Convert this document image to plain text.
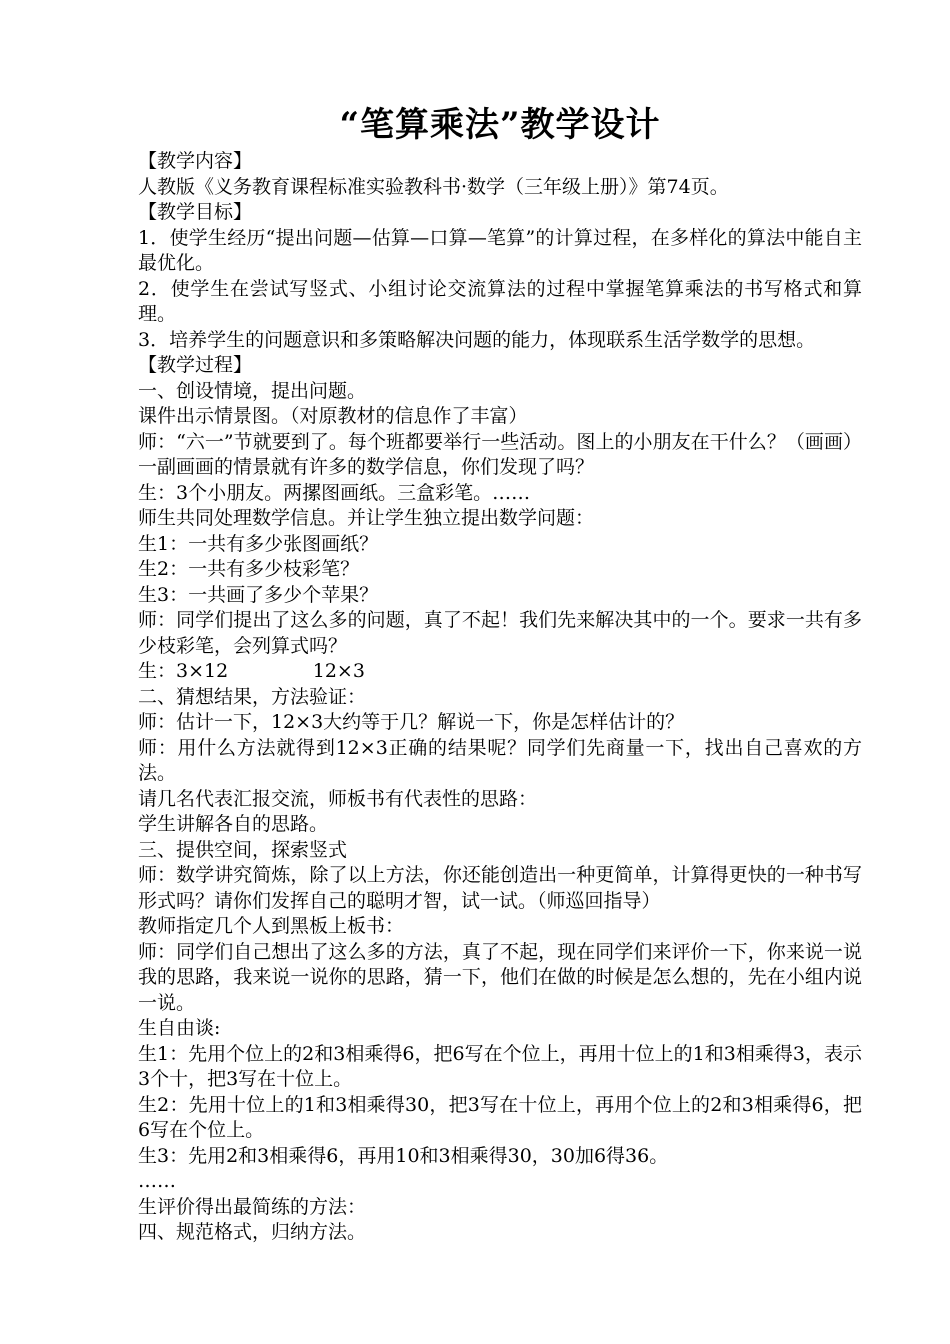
“笔算乘法”教学设计

【教学内容】

人教版《义务教育课程标准实验教科书·数学（三年级上册）》第74页。

【教学目标】

1．使学生经历“提出问题—估算—口算—笔算”的计算过程，在多样化的算法中能自主最优化。

2．使学生在尝试写竖式、小组讨论交流算法的过程中掌握笔算乘法的书写格式和算理。

3．培养学生的问题意识和多策略解决问题的能力，体现联系生活学数学的思想。

【教学过程】

一、创设情境，提出问题。

课件出示情景图。（对原教材的信息作了丰富）

师：“六一”节就要到了。每个班都要举行一些活动。图上的小朋友在干什么？（画画）一副画画的情景就有许多的数学信息，你们发现了吗？

生：3个小朋友。两摞图画纸。三盒彩笔。……

师生共同处理数学信息。并让学生独立提出数学问题：

生1：一共有多少张图画纸？

生2：一共有多少枝彩笔？

生3：一共画了多少个苹果？

师：同学们提出了这么多的问题，真了不起！我们先来解决其中的一个。要求一共有多少枝彩笔，会列算式吗？

生：3×12              12×3

二、猜想结果，方法验证：

师：估计一下，12×3大约等于几？解说一下，你是怎样估计的？

师：用什么方法就得到12×3正确的结果呢？同学们先商量一下，找出自己喜欢的方法。

请几名代表汇报交流，师板书有代表性的思路：

学生讲解各自的思路。

三、提供空间，探索竖式

师：数学讲究简炼，除了以上方法，你还能创造出一种更简单，计算得更快的一种书写形式吗？请你们发挥自己的聪明才智，试一试。（师巡回指导）

教师指定几个人到黑板上板书：

师：同学们自己想出了这么多的方法，真了不起，现在同学们来评价一下，你来说一说我的思路，我来说一说你的思路，猜一下，他们在做的时候是怎么想的，先在小组内说一说。

生自由谈:

生1：先用个位上的2和3相乘得6，把6写在个位上，再用十位上的1和3相乘得3，表示3个十，把3写在十位上。

生2：先用十位上的1和3相乘得30，把3写在十位上，再用个位上的2和3相乘得6，把6写在个位上。

生3：先用2和3相乘得6，再用10和3相乘得30，30加6得36。

……

生评价得出最简练的方法：

四、规范格式，归纳方法。
